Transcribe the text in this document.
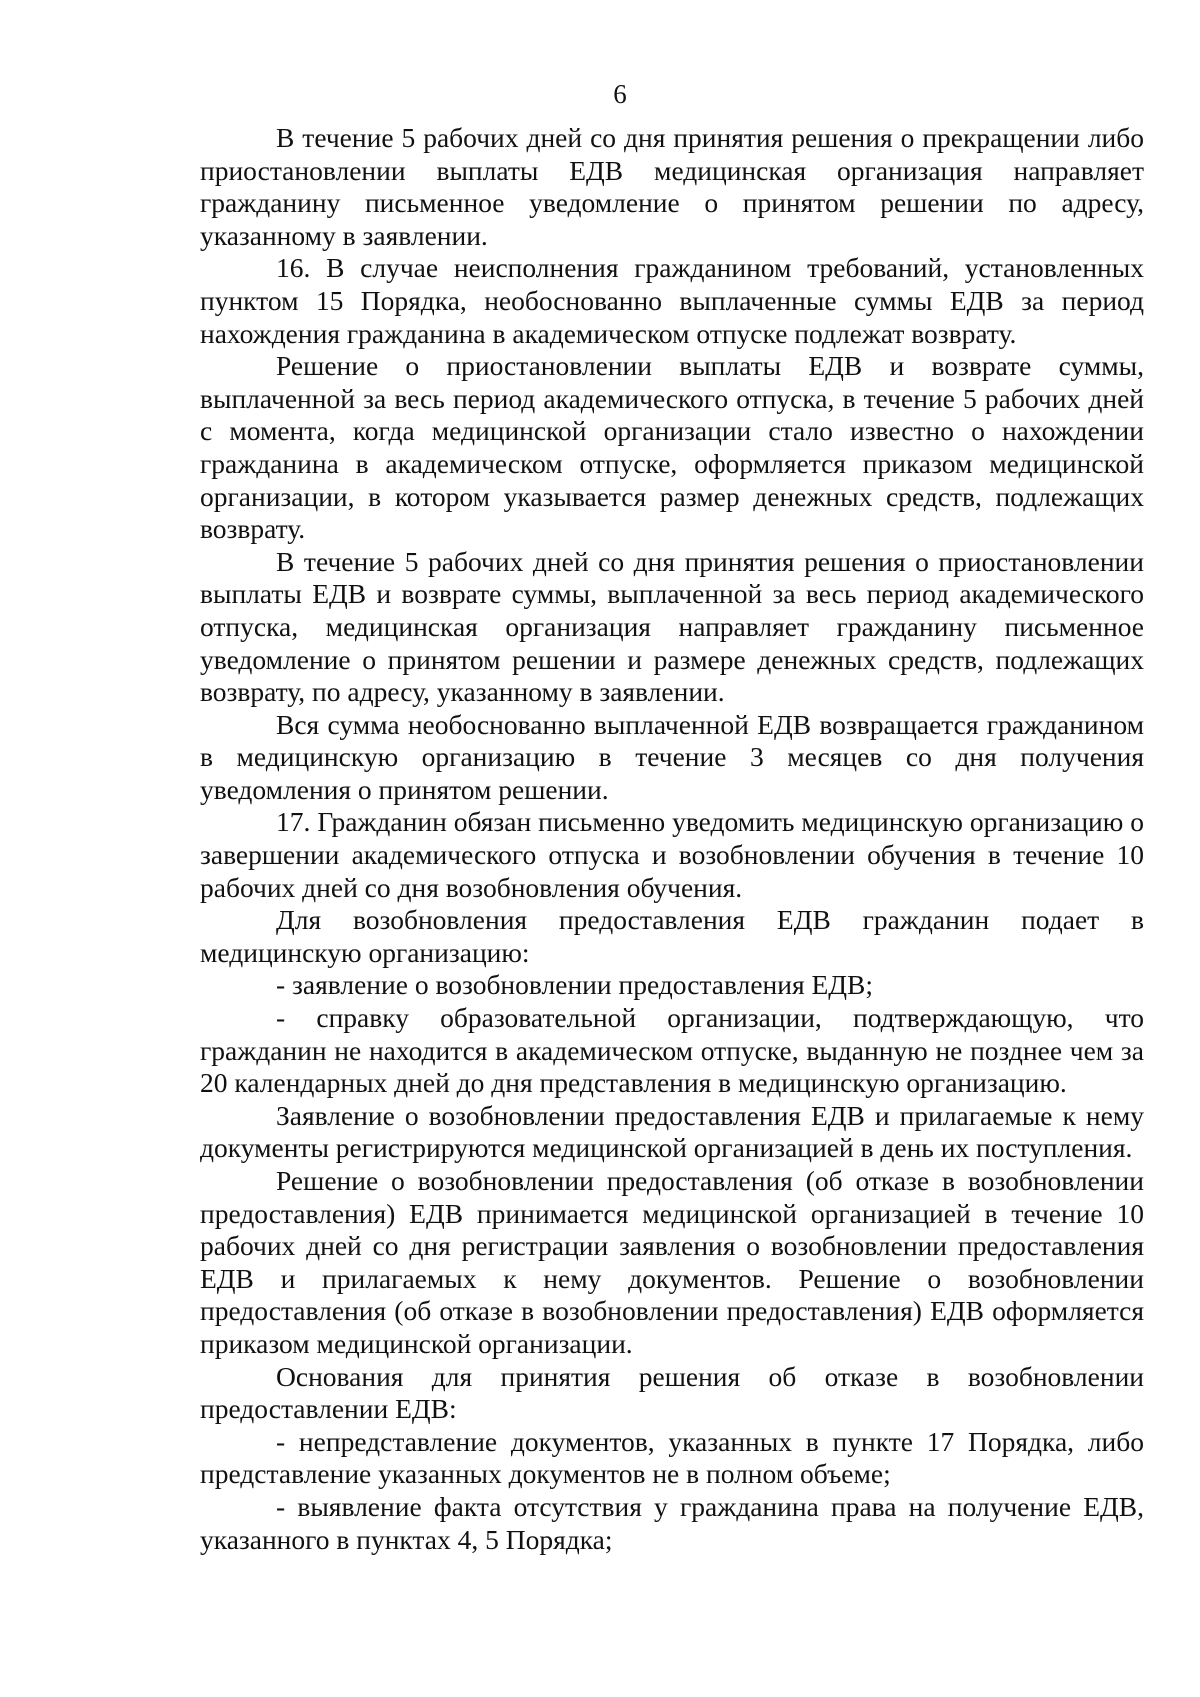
6

В течение 5 рабочих дней со дня принятия решения о прекращении либо приостановлении выплаты ЕДВ медицинская организация направляет гражданину письменное уведомление о принятом решении по адресу, указанному в заявлении.

16. В случае неисполнения гражданином требований, установленных пунктом 15 Порядка, необоснованно выплаченные суммы ЕДВ за период нахождения гражданина в академическом отпуске подлежат возврату.

Решение о приостановлении выплаты ЕДВ и возврате суммы, выплаченной за весь период академического отпуска, в течение 5 рабочих дней с момента, когда медицинской организации стало известно о нахождении гражданина в академическом отпуске, оформляется приказом медицинской организации, в котором указывается размер денежных средств, подлежащих возврату.

В течение 5 рабочих дней со дня принятия решения о приостановлении выплаты ЕДВ и возврате суммы, выплаченной за весь период академического отпуска, медицинская организация направляет гражданину письменное уведомление о принятом решении и размере денежных средств, подлежащих возврату, по адресу, указанному в заявлении.

Вся сумма необоснованно выплаченной ЕДВ возвращается гражданином в медицинскую организацию в течение 3 месяцев со дня получения уведомления о принятом решении.

17. Гражданин обязан письменно уведомить медицинскую организацию о завершении академического отпуска и возобновлении обучения в течение 10 рабочих дней со дня возобновления обучения.

Для возобновления предоставления ЕДВ гражданин подает в медицинскую организацию:

- заявление о возобновлении предоставления ЕДВ;

- справку образовательной организации, подтверждающую, что гражданин не находится в академическом отпуске, выданную не позднее чем за 20 календарных дней до дня представления в медицинскую организацию.

Заявление о возобновлении предоставления ЕДВ и прилагаемые к нему документы регистрируются медицинской организацией в день их поступления.

Решение о возобновлении предоставления (об отказе в возобновлении предоставления) ЕДВ принимается медицинской организацией в течение 10 рабочих дней со дня регистрации заявления о возобновлении предоставления ЕДВ и прилагаемых к нему документов. Решение о возобновлении предоставления (об отказе в возобновлении предоставления) ЕДВ оформляется приказом медицинской организации.

Основания для принятия решения об отказе в возобновлении предоставлении ЕДВ:

- непредставление документов, указанных в пункте 17 Порядка, либо представление указанных документов не в полном объеме;

- выявление факта отсутствия у гражданина права на получение ЕДВ, указанного в пунктах 4, 5 Порядка;
